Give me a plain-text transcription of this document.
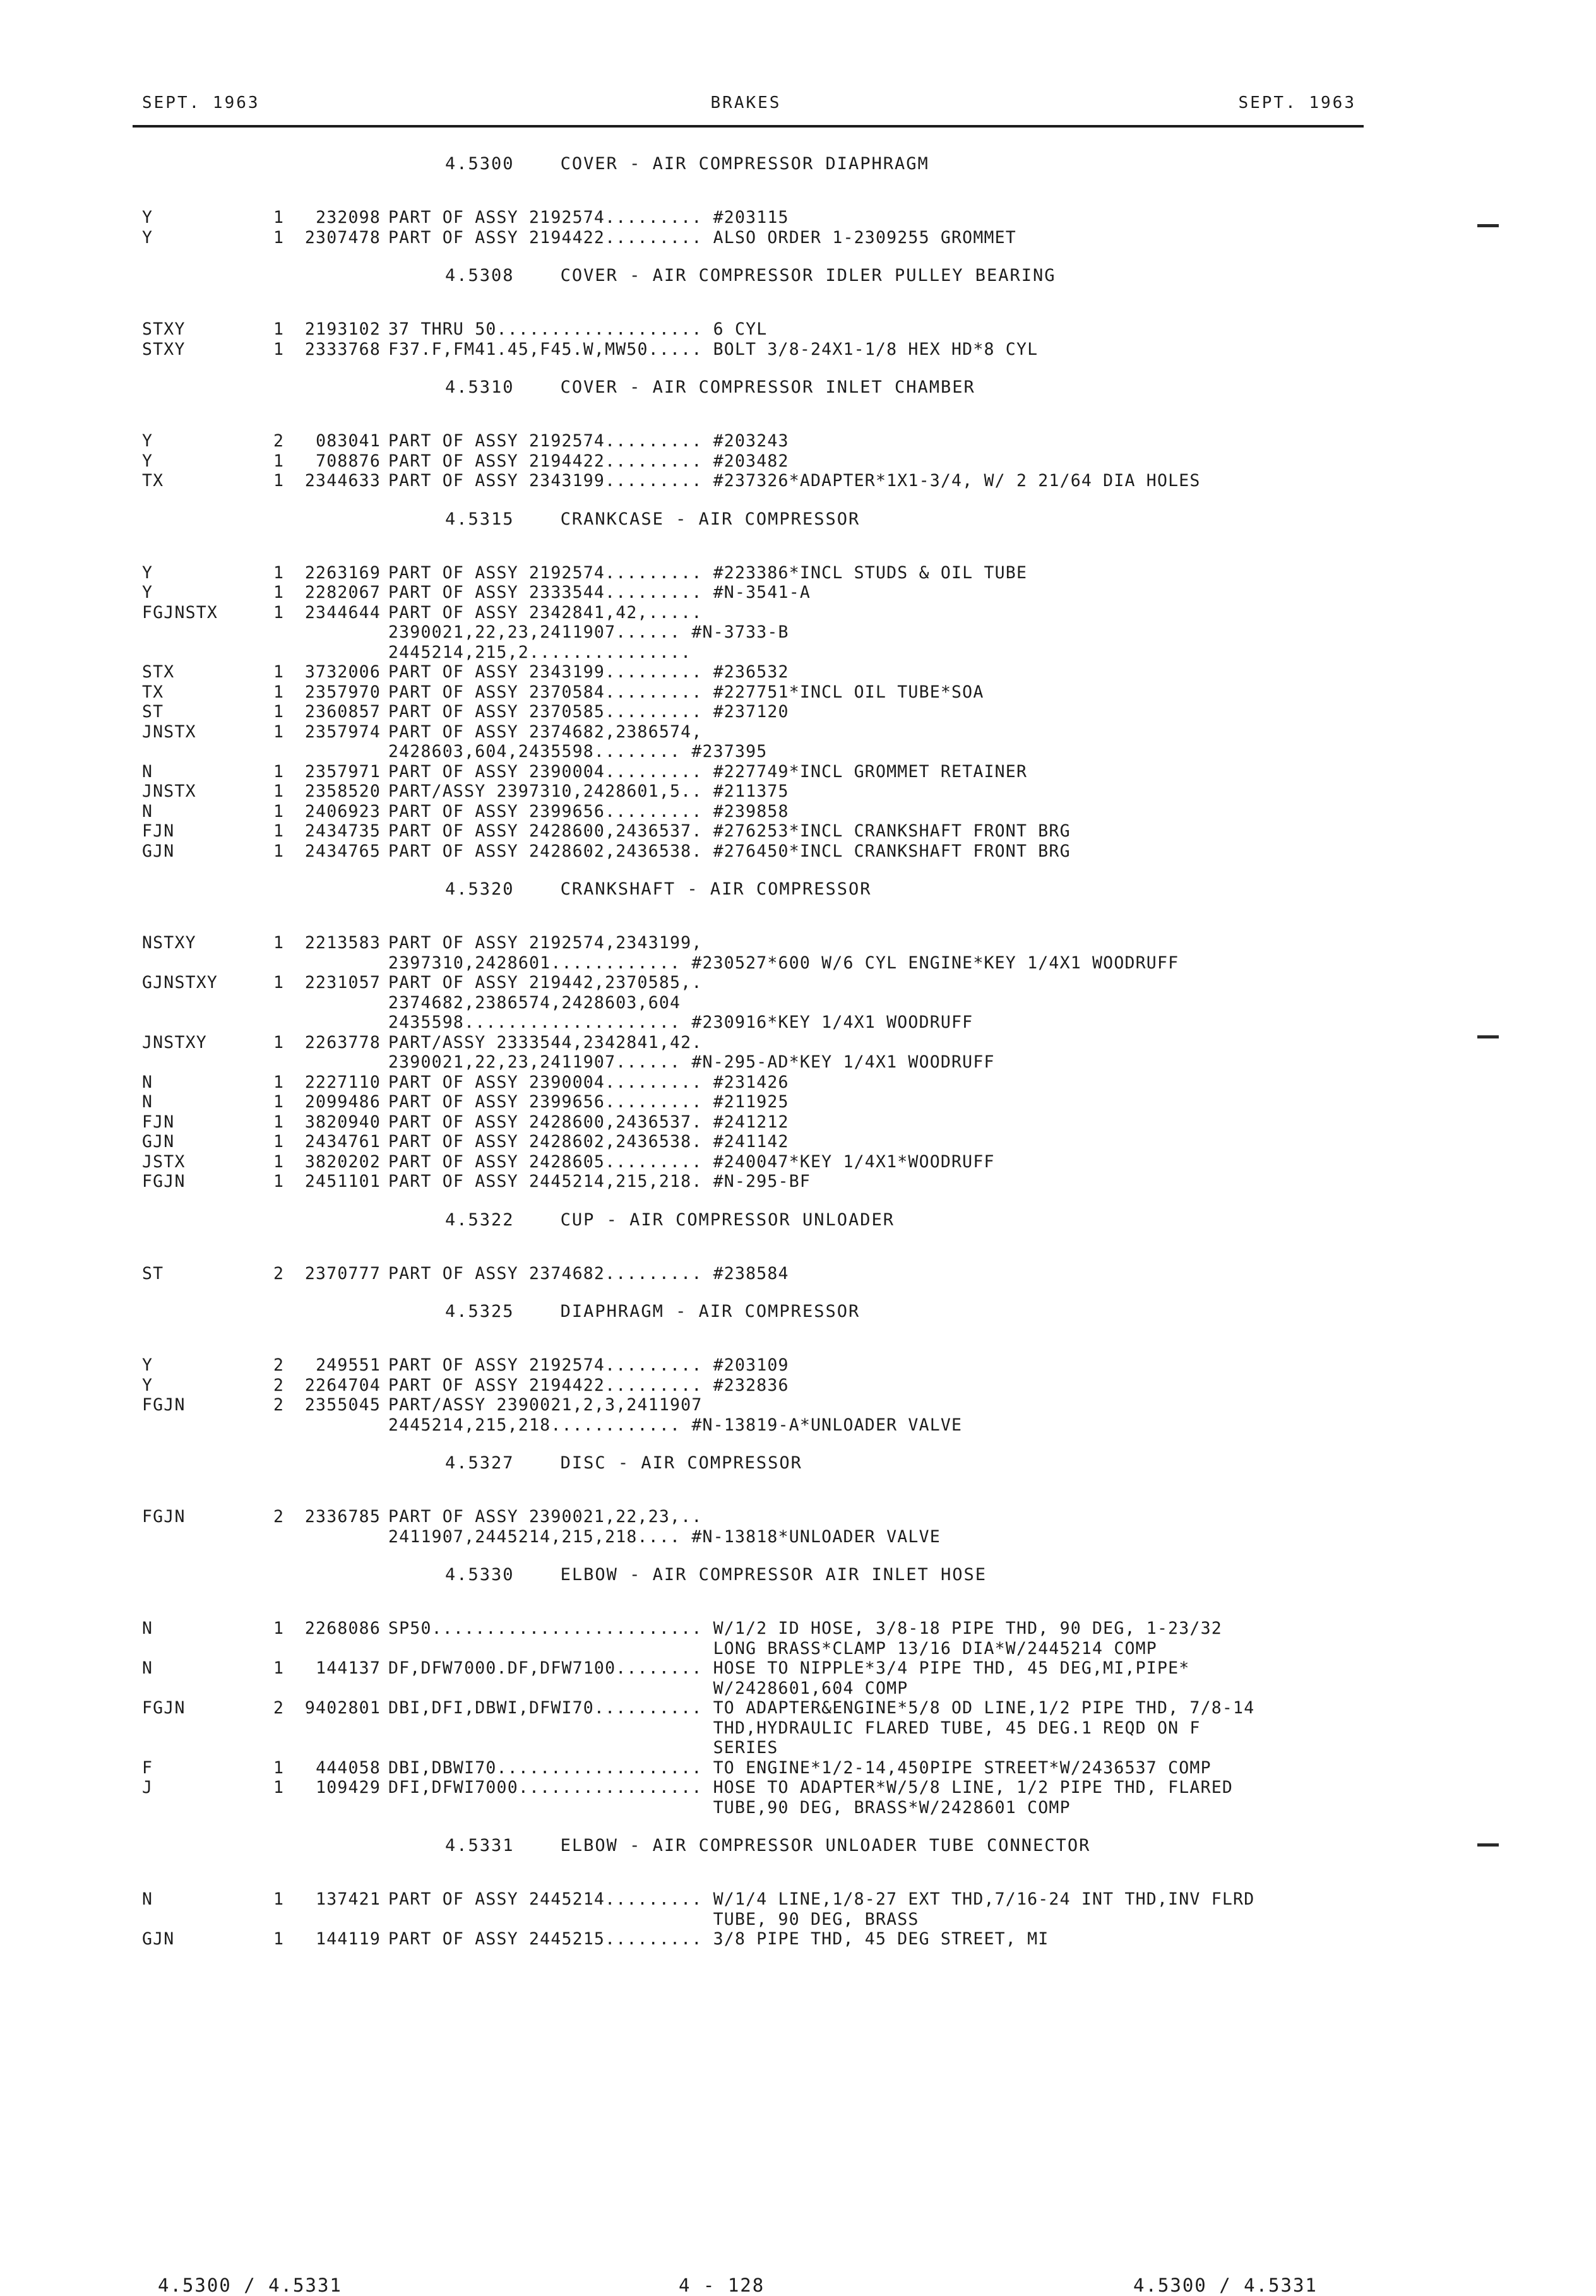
SEPT. 1963	BRAKES	SEPT. 1963
4.5300	COVER - AIR COMPRESSOR DIAPHRAGM
Y	1	232098 PART OF ASSY 2192574......... #203115
Y	1	2307478 PART OF ASSY 2194422......... ALSO ORDER 1-2309255 GROMMET
4.5308	COVER - AIR COMPRESSOR IDLER PULLEY BEARING
STXY	1	2193102 37 THRU 50................... 6 CYL
STXY	1	2333768 F37.F,FM41.45,F45.W,MW50..... BOLT 3/8-24X1-1/8 HEX HD*8 CYL
4.5310	COVER - AIR COMPRESSOR INLET CHAMBER
Y	2	083041 PART OF ASSY 2192574......... #203243
Y	1	708876 PART OF ASSY 2194422......... #203482
TX	1	2344633 PART OF ASSY 2343199......... #237326*ADAPTER*1X1-3/4, W/ 2 21/64 DIA HOLES
4.5315	CRANKCASE - AIR COMPRESSOR
Y	1	2263169 PART OF ASSY 2192574......... #223386*INCL STUDS & OIL TUBE
Y	1	2282067 PART OF ASSY 2333544......... #N-3541-A
FGJNSTX	1	2344644 PART OF ASSY 2342841,42,.....
2390021,22,23,2411907...... #N-3733-B
2445214,215,2...............
STX	1	3732006 PART OF ASSY 2343199......... #236532
TX	1	2357970 PART OF ASSY 2370584......... #227751*INCL OIL TUBE*SOA
ST	1	2360857 PART OF ASSY 2370585......... #237120
JNSTX	1	2357974 PART OF ASSY 2374682,2386574,
2428603,604,2435598........ #237395
N	1	2357971 PART OF ASSY 2390004......... #227749*INCL GROMMET RETAINER
JNSTX	1	2358520 PART/ASSY 2397310,2428601,5.. #211375
N	1	2406923 PART OF ASSY 2399656......... #239858
FJN	1	2434735 PART OF ASSY 2428600,2436537. #276253*INCL CRANKSHAFT FRONT BRG
GJN	1	2434765 PART OF ASSY 2428602,2436538. #276450*INCL CRANKSHAFT FRONT BRG
4.5320	CRANKSHAFT - AIR COMPRESSOR
NSTXY	1	2213583 PART OF ASSY 2192574,2343199,
2397310,2428601............ #230527*600 W/6 CYL ENGINE*KEY 1/4X1 WOODRUFF
GJNSTXY	1	2231057 PART OF ASSY 219442,2370585,.
2374682,2386574,2428603,604
2435598.................... #230916*KEY 1/4X1 WOODRUFF
JNSTXY	1	2263778 PART/ASSY 2333544,2342841,42.
2390021,22,23,2411907...... #N-295-AD*KEY 1/4X1 WOODRUFF
N	1	2227110 PART OF ASSY 2390004......... #231426
N	1	2099486 PART OF ASSY 2399656......... #211925
FJN	1	3820940 PART OF ASSY 2428600,2436537. #241212
GJN	1	2434761 PART OF ASSY 2428602,2436538. #241142
JSTX	1	3820202 PART OF ASSY 2428605......... #240047*KEY 1/4X1*WOODRUFF
FGJN	1	2451101 PART OF ASSY 2445214,215,218. #N-295-BF
4.5322	CUP - AIR COMPRESSOR UNLOADER
ST	2	2370777 PART OF ASSY 2374682......... #238584
4.5325	DIAPHRAGM - AIR COMPRESSOR
Y	2	249551 PART OF ASSY 2192574......... #203109
Y	2	2264704 PART OF ASSY 2194422......... #232836
FGJN	2	2355045 PART/ASSY 2390021,2,3,2411907
2445214,215,218............ #N-13819-A*UNLOADER VALVE
4.5327	DISC - AIR COMPRESSOR
FGJN	2	2336785 PART OF ASSY 2390021,22,23,..
2411907,2445214,215,218.... #N-13818*UNLOADER VALVE
4.5330	ELBOW - AIR COMPRESSOR AIR INLET HOSE
N	1	2268086 SP50......................... W/1/2 ID HOSE, 3/8-18 PIPE THD, 90 DEG, 1-23/32
LONG BRASS*CLAMP 13/16 DIA*W/2445214 COMP
N	1	144137 DF,DFW7000.DF,DFW7100........ HOSE TO NIPPLE*3/4 PIPE THD, 45 DEG,MI,PIPE*
W/2428601,604 COMP
FGJN	2	9402801 DBI,DFI,DBWI,DFWI70.......... TO ADAPTER&ENGINE*5/8 OD LINE,1/2 PIPE THD, 7/8-14
THD,HYDRAULIC FLARED TUBE, 45 DEG.1 REQD ON F
SERIES
F	1	444058 DBI,DBWI70................... TO ENGINE*1/2-14,450PIPE STREET*W/2436537 COMP
J	1	109429 DFI,DFWI7000................. HOSE TO ADAPTER*W/5/8 LINE, 1/2 PIPE THD, FLARED
TUBE,90 DEG, BRASS*W/2428601 COMP
4.5331	ELBOW - AIR COMPRESSOR UNLOADER TUBE CONNECTOR
N	1	137421 PART OF ASSY 2445214......... W/1/4 LINE,1/8-27 EXT THD,7/16-24 INT THD,INV FLRD
TUBE, 90 DEG, BRASS
GJN	1	144119 PART OF ASSY 2445215......... 3/8 PIPE THD, 45 DEG STREET, MI
4.5300 / 4.5331	4 - 128	4.5300 / 4.5331
